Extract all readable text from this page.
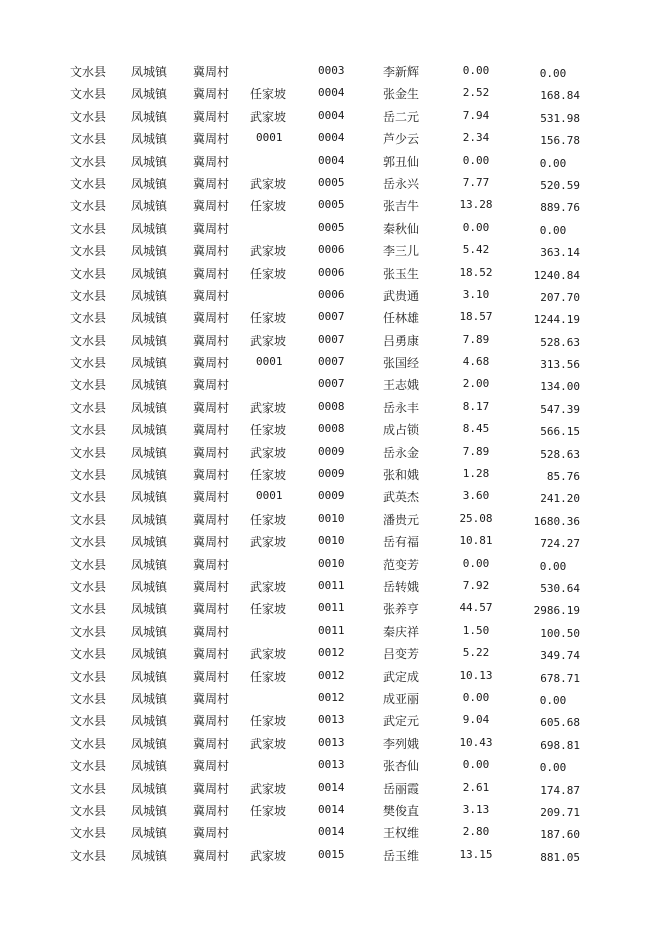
文水县 凤城镇 冀周村	0003	李新辉	0.00	0.00
文水县 凤城镇 冀周村 任家坡	0004	张金生	2.52	168.84
文水县 凤城镇 冀周村 武家坡	0004	岳二元	7.94	531.98
文水县 凤城镇 冀周村 0001	0004	芦少云	2.34	156.78
文水县 凤城镇 冀周村	0004	郭丑仙	0.00	0.00
文水县 凤城镇 冀周村 武家坡	0005	岳永兴	7.77	520.59
文水县 凤城镇 冀周村 任家坡	0005	张吉牛	13.28	889.76
文水县 凤城镇 冀周村	0005	秦秋仙	0.00	0.00
文水县 凤城镇 冀周村 武家坡	0006	李三儿	5.42	363.14
文水县 凤城镇 冀周村 任家坡	0006	张玉生	18.52	1240.84
文水县 凤城镇 冀周村	0006	武贵通	3.10	207.70
文水县 凤城镇 冀周村 任家坡	0007	任林雄	18.57	1244.19
文水县 凤城镇 冀周村 武家坡	0007	吕勇康	7.89	528.63
文水县 凤城镇 冀周村 0001	0007	张国经	4.68	313.56
文水县 凤城镇 冀周村	0007	王志娥	2.00	134.00
文水县 凤城镇 冀周村 武家坡	0008	岳永丰	8.17	547.39
文水县 凤城镇 冀周村 任家坡	0008	成占锁	8.45	566.15
文水县 凤城镇 冀周村 武家坡	0009	岳永金	7.89	528.63
文水县 凤城镇 冀周村 任家坡	0009	张和娥	1.28	85.76
文水县 凤城镇 冀周村 0001	0009	武英杰	3.60	241.20
文水县 凤城镇 冀周村 任家坡	0010	潘贵元	25.08	1680.36
文水县 凤城镇 冀周村 武家坡	0010	岳有福	10.81	724.27
文水县 凤城镇 冀周村	0010	范变芳	0.00	0.00
文水县 凤城镇 冀周村 武家坡	0011	岳转娥	7.92	530.64
文水县 凤城镇 冀周村 任家坡	0011	张养亨	44.57	2986.19
文水县 凤城镇 冀周村	0011	秦庆祥	1.50	100.50
文水县 凤城镇 冀周村 武家坡	0012	吕变芳	5.22	349.74
文水县 凤城镇 冀周村 任家坡	0012	武定成	10.13	678.71
文水县 凤城镇 冀周村	0012	成亚丽	0.00	0.00
文水县 凤城镇 冀周村 任家坡	0013	武定元	9.04	605.68
文水县 凤城镇 冀周村 武家坡	0013	李列娥	10.43	698.81
文水县 凤城镇 冀周村	0013	张杏仙	0.00	0.00
文水县 凤城镇 冀周村 武家坡	0014	岳丽霞	2.61	174.87
文水县 凤城镇 冀周村 任家坡	0014	樊俊直	3.13	209.71
文水县 凤城镇 冀周村	0014	王权维	2.80	187.60
文水县 凤城镇 冀周村 武家坡	0015	岳玉维	13.15	881.05
